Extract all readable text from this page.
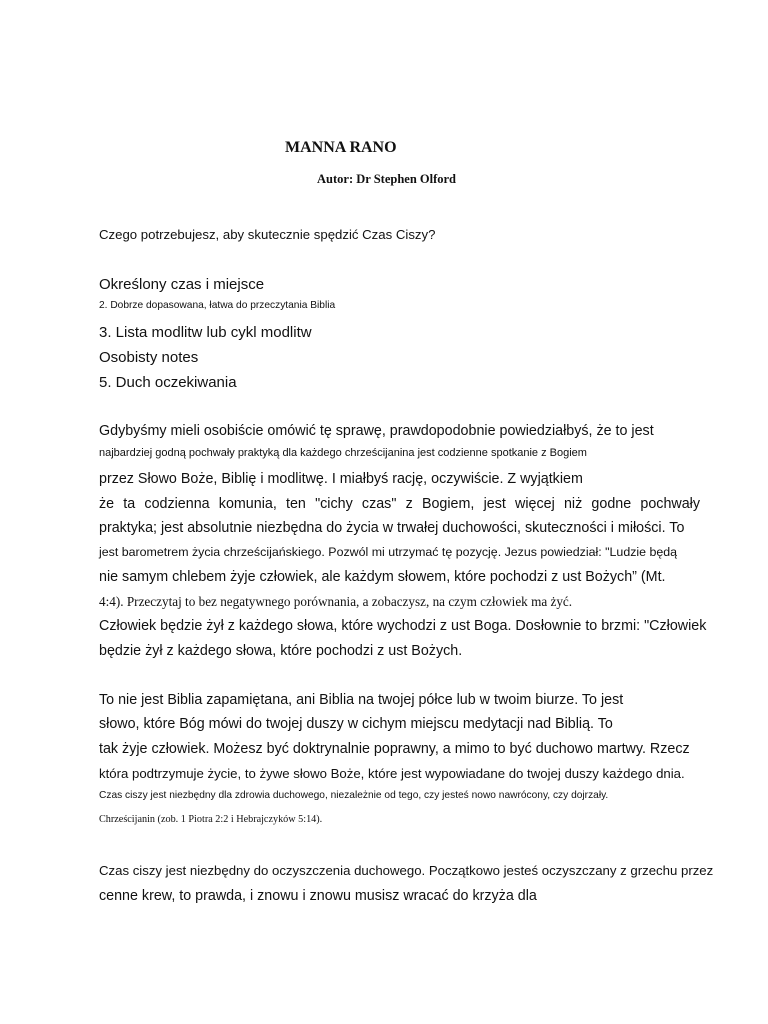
MANNA RANO

Autor: Dr Stephen Olford

Czego potrzebujesz, aby skutecznie spędzić Czas Ciszy?

Określony czas i miejsce

2. Dobrze dopasowana, łatwa do przeczytania Biblia

3. Lista modlitw lub cykl modlitw

Osobisty notes

5. Duch oczekiwania

Gdybyśmy mieli osobiście omówić tę sprawę, prawdopodobnie powiedziałbyś, że to jest

najbardziej godną pochwały praktyką dla każdego chrześcijanina jest codzienne spotkanie z Bogiem

przez Słowo Boże, Biblię i modlitwę. I miałbyś rację, oczywiście. Z wyjątkiem

że ta codzienna komunia, ten "cichy czas" z Bogiem, jest więcej niż godne pochwały

praktyka; jest absolutnie niezbędna do życia w trwałej duchowości, skuteczności i miłości. To

jest barometrem życia chrześcijańskiego. Pozwól mi utrzymać tę pozycję. Jezus powiedział: "Ludzie będą

nie samym chlebem żyje człowiek, ale każdym słowem, które pochodzi z ust Bożych” (Mt.

4:4). Przeczytaj to bez negatywnego porównania, a zobaczysz, na czym człowiek ma żyć.

Człowiek będzie żył z każdego słowa, które wychodzi z ust Boga. Dosłownie to brzmi: "Człowiek

będzie żył z każdego słowa, które pochodzi z ust Bożych.

To nie jest Biblia zapamiętana, ani Biblia na twojej półce lub w twoim biurze. To jest

słowo, które Bóg mówi do twojej duszy w cichym miejscu medytacji nad Biblią. To

tak żyje człowiek. Możesz być doktrynalnie poprawny, a mimo to być duchowo martwy. Rzecz

która podtrzymuje życie, to żywe słowo Boże, które jest wypowiadane do twojej duszy każdego dnia.

Czas ciszy jest niezbędny dla zdrowia duchowego, niezależnie od tego, czy jesteś nowo nawrócony, czy dojrzały.

Chrześcijanin (zob. 1 Piotra 2:2 i Hebrajczyków 5:14).

Czas ciszy jest niezbędny do oczyszczenia duchowego. Początkowo jesteś oczyszczany z grzechu przez

cenne krew, to prawda, i znowu i znowu musisz wracać do krzyża dla
